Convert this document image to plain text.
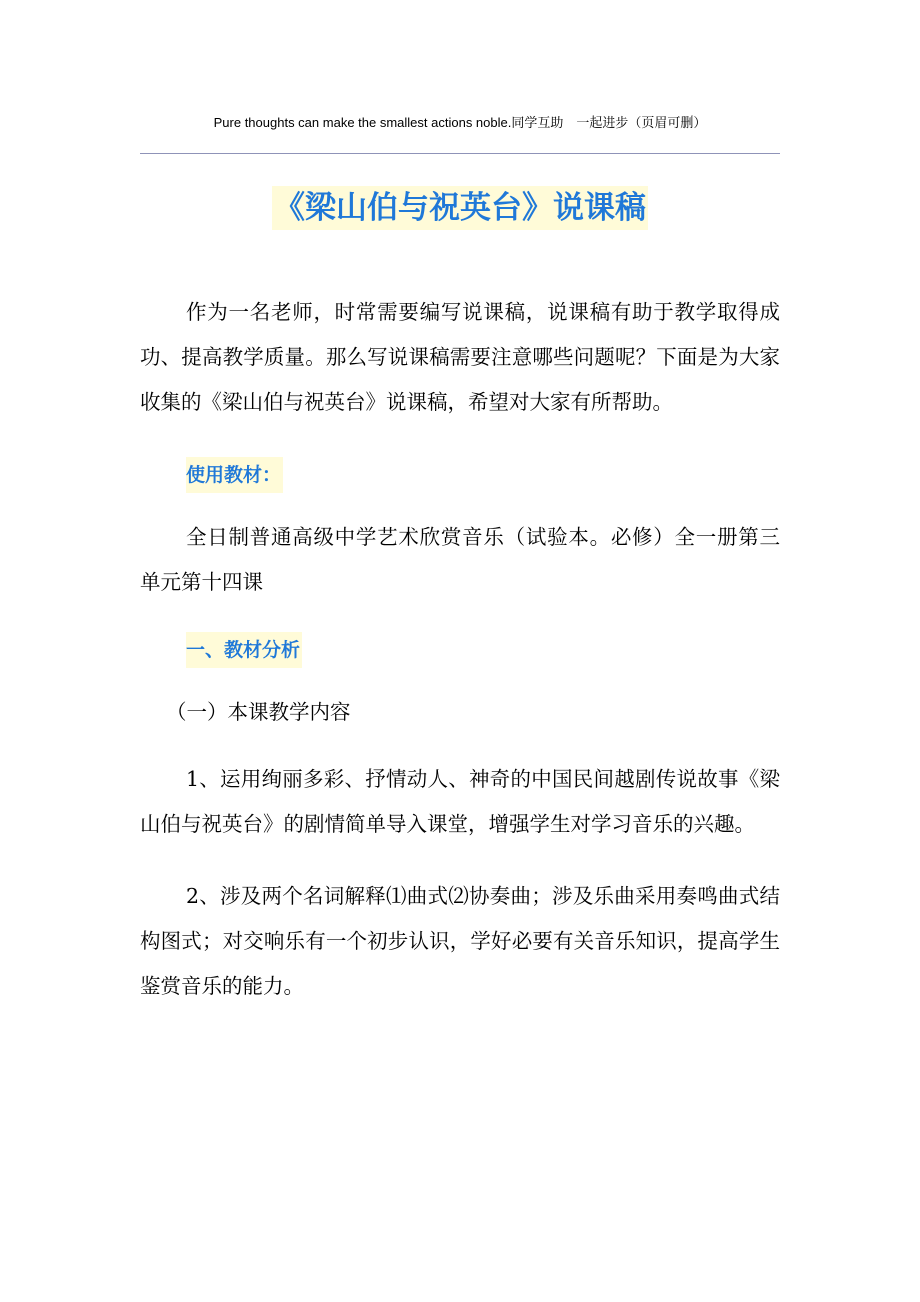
Pure thoughts can make the smallest actions noble.同学互助　一起进步（页眉可删）
《梁山伯与祝英台》说课稿

作为一名老师，时常需要编写说课稿，说课稿有助于教学取得成功、提高教学质量。那么写说课稿需要注意哪些问题呢？下面是为大家收集的《梁山伯与祝英台》说课稿，希望对大家有所帮助。

使用教材：

全日制普通高级中学艺术欣赏音乐（试验本。必修）全一册第三单元第十四课

一、教材分析

（一）本课教学内容

1、运用绚丽多彩、抒情动人、神奇的中国民间越剧传说故事《梁山伯与祝英台》的剧情简单导入课堂，增强学生对学习音乐的兴趣。

2、涉及两个名词解释⑴曲式⑵协奏曲；涉及乐曲采用奏鸣曲式结构图式；对交响乐有一个初步认识，学好必要有关音乐知识，提高学生鉴赏音乐的能力。
